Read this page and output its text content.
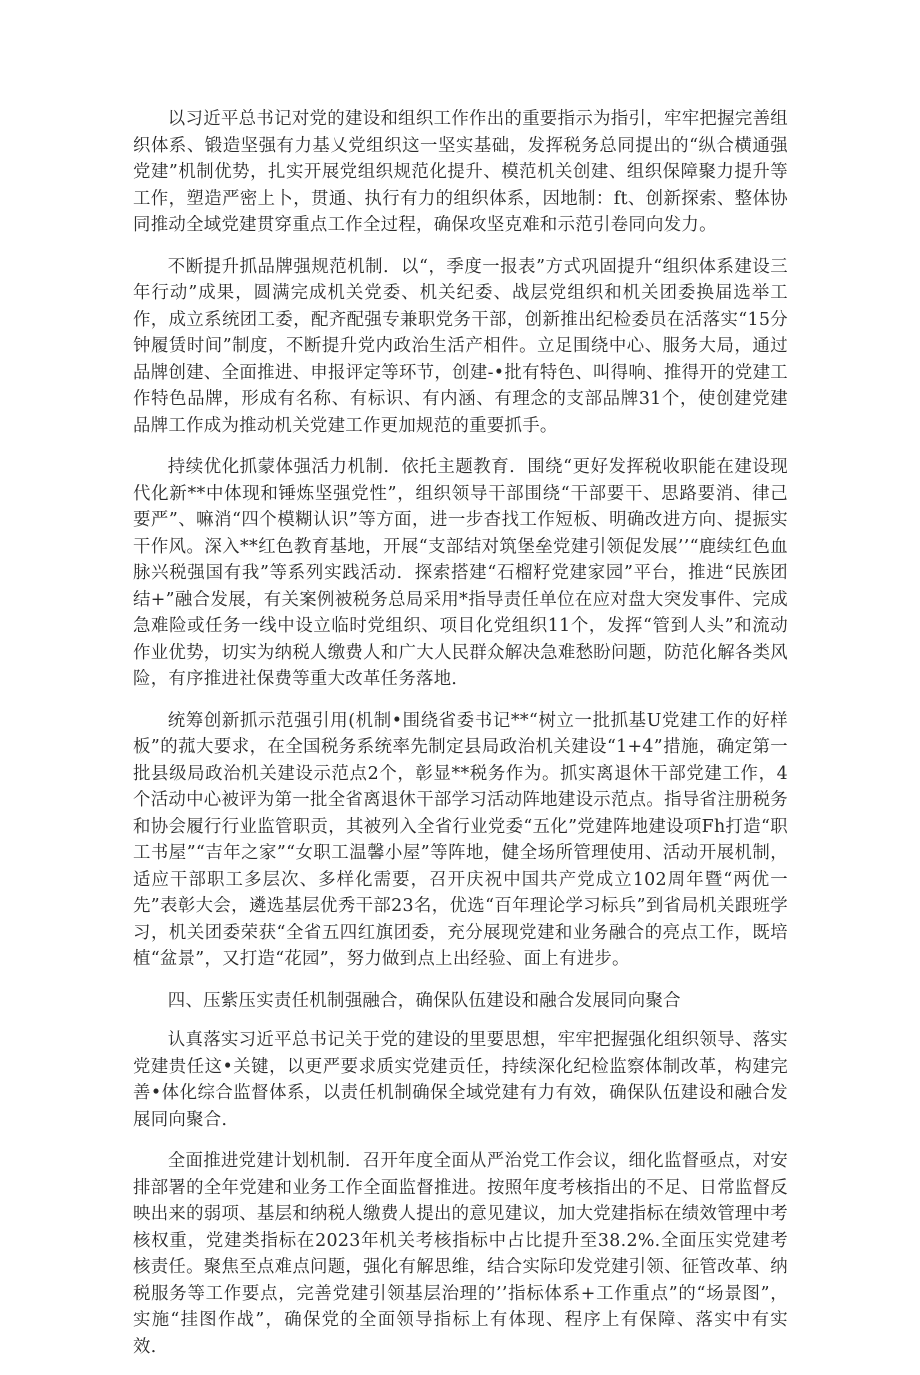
以习近平总书记对党的建设和组织工作作出的重要指示为指引，牢牢把握完善组织体系、锻造坚强有力基乂党组织这一坚实基础，发挥税务总同提出的“纵合横通强党建”机制优势，扎实开展党组织规范化提升、模范机关创建、组织保障聚力提升等工作，塑造严密上卜，贯通、执行有力的组织体系，因地制：ft、创新探索、整体协同推动全域党建贯穿重点工作全过程，确保攻坚克难和示范引卷同向发力。

不断提升抓品牌强规范机制．以“，季度一报表”方式巩固提升“组织体系建设三年行动”成果，圆满完成机关党委、机关纪委、战层党组织和机关团委换届选举工作，成立系统团工委，配齐配强专兼职党务干部，创新推出纪检委员在活落实“15分钟履赁时间”制度，不断提升党内政治生活产相件。立足围绕中心、服务大局，通过品牌创建、全面推进、申报评定等环节，创建-•批有特色、叫得响、推得开的党建工作特色品牌，形成有名称、有标识、有内涵、有理念的支部品牌31个，使创建党建品牌工作成为推动机关党建工作更加规范的重要抓手。

持续优化抓蒙体强活力机制．依托主题教育．围绕“更好发挥税收职能在建设现代化新**中体现和锤炼坚强党性”，组织领导干部围绕“干部要干、思路要消、律己要严”、嘛消“四个模糊认识”等方面，进一步杳找工作短板、明确改进方向、提振实干作风。深入**红色教育基地，开展“支部结对筑堡垒党建引领促发展’’“鹿续红色血脉兴税强国有我”等系列实践活动．探索搭建“石榴籽党建家园”平台，推进“民族团结+”融合发展，有关案例被税务总局采用*指导责任单位在应对盘大突发事件、完成急难险或任务一线中设立临时党组织、项目化党组织11个，发挥“管到人头”和流动作业优势，切实为纳税人缴费人和广大人民群众解决急难愁盼问题，防范化解各类风险，有序推进社保费等重大改革任务落地．

统筹创新抓示范强引用(机制•围绕省委书记**“树立一批抓基U党建工作的好样板”的菰大要求，在全国税务系统率先制定县局政治机关建设“1+4”措施，确定第一批县级局政治机关建设示范点2个，彰显**税务作为。抓实离退休干部党建工作，4个活动中心被评为第一批全省离退休干部学习活动阵地建设示范点。指导省注册税务和协会履行行业监管职贡，其被列入全省行业党委“五化”党建阵地建设项Fh打造“职工书屋”“吉年之家”“女职工温馨小屋”等阵地，健全场所管理使用、活动开展机制，适应干部职工多层次、多样化需要，召开庆祝中国共产党成立102周年暨“两优一先”表彰大会，遴选基层优秀干部23名，优选“百年理论学习标兵”到省局机关跟班学习，机关团委荣获“全省五四红旗团委，充分展现党建和业务融合的亮点工作，既培植“盆景”，又打造“花园”，努力做到点上出经验、面上有进步。

四、压紫压实责任机制强融合，确保队伍建设和融合发展同向聚合

认真落实习近平总书记关于党的建设的里要思想，牢牢把握强化组织领导、落实党建贵任这•关键，以更严要求质实党建贡任，持续深化纪检监察体制改革，构建完善•体化综合监督体系，以责任机制确保全域党建有力有效，确保队伍建设和融合发展同向聚合．

全面推进党建计划机制．召开年度全面从严治党工作会议，细化监督亟点，对安排部署的全年党建和业务工作全面监督推进。按照年度考核指出的不足、日常监督反映出来的弱项、基层和纳税人缴费人提出的意见建议，加大党建指标在绩效管理中考核权重，党建类指标在2023年机关考核指标中占比提升至38.2%.全面压实党建考核责任。聚焦至点难点问题，强化有解思维，结合实际印发党建引领、征管改革、纳税服务等工作要点，完善党建引领基层治理的’’指标体系+工作重点”的“场景图”，实施“挂图作战”，确保党的全面领导指标上有体现、程序上有保障、落实中有实效．
